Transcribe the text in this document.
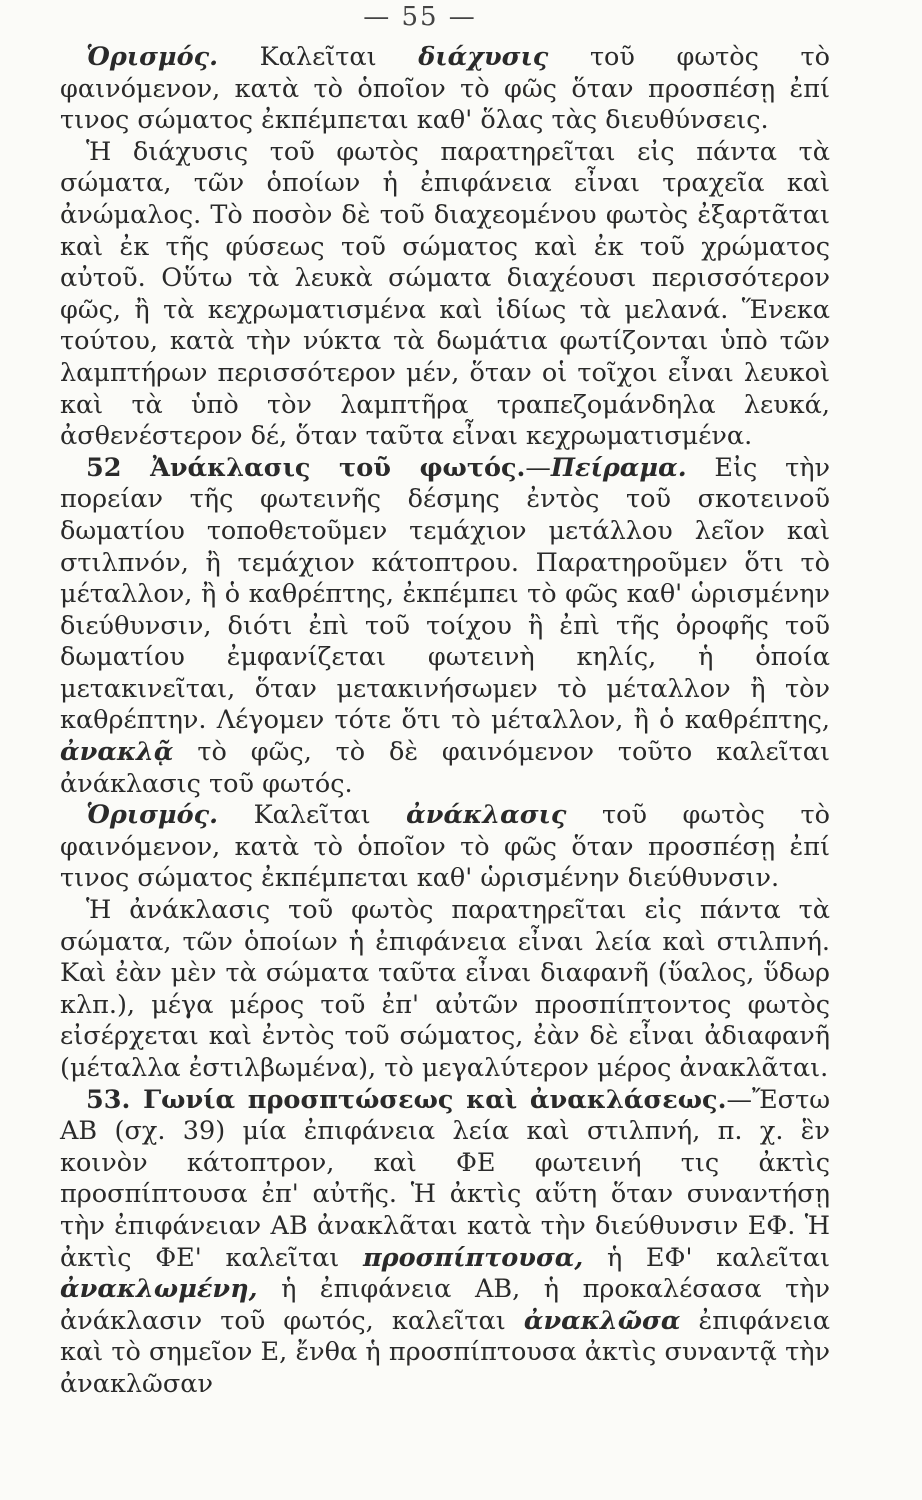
— 55 —

Ὁρισμός. Καλεῖται διάχυσις τοῦ φωτὸς τὸ φαινόμενον, κατὰ τὸ ὁποῖον τὸ φῶς ὅταν προσπέσῃ ἐπί τινος σώματος ἐκπέμπεται καθ' ὅλας τὰς διευθύνσεις.

Ἡ διάχυσις τοῦ φωτὸς παρατηρεῖται εἰς πάντα τὰ σώματα, τῶν ὁποίων ἡ ἐπιφάνεια εἶναι τραχεῖα καὶ ἀνώμαλος. Τὸ ποσὸν δὲ τοῦ διαχεομένου φωτὸς ἐξαρτᾶται καὶ ἐκ τῆς φύσεως τοῦ σώματος καὶ ἐκ τοῦ χρώματος αὐτοῦ. Οὕτω τὰ λευκὰ σώματα διαχέουσι περισσότερον φῶς, ἢ τὰ κεχρωματισμένα καὶ ἰδίως τὰ μελανά. Ἕνεκα τούτου, κατὰ τὴν νύκτα τὰ δωμάτια φωτίζονται ὑπὸ τῶν λαμπτήρων περισσότερον μέν, ὅταν οἱ τοῖχοι εἶναι λευκοὶ καὶ τὰ ὑπὸ τὸν λαμπτῆρα τραπεζομάνδηλα λευκά, ἀσθενέστερον δέ, ὅταν ταῦτα εἶναι κεχρωματισμένα.

52 Ἀνάκλασις τοῦ φωτός.—Πείραμα. Εἰς τὴν πορείαν τῆς φωτεινῆς δέσμης ἐντὸς τοῦ σκοτεινοῦ δωματίου τοποθετοῦμεν τεμάχιον μετάλλου λεῖον καὶ στιλπνόν, ἢ τεμάχιον κάτοπτρου. Παρατηροῦμεν ὅτι τὸ μέταλλον, ἢ ὁ καθρέπτης, ἐκπέμπει τὸ φῶς καθ' ὡρισμένην διεύθυνσιν, διότι ἐπὶ τοῦ τοίχου ἢ ἐπὶ τῆς ὀροφῆς τοῦ δωματίου ἐμφανίζεται φωτεινὴ κηλίς, ἡ ὁποία μετακινεῖται, ὅταν μετακινήσωμεν τὸ μέταλλον ἢ τὸν καθρέπτην. Λέγομεν τότε ὅτι τὸ μέταλλον, ἢ ὁ καθρέπτης, ἀνακλᾷ τὸ φῶς, τὸ δὲ φαινόμενον τοῦτο καλεῖται ἀνάκλασις τοῦ φωτός.

Ὁρισμός. Καλεῖται ἀνάκλασις τοῦ φωτὸς τὸ φαινόμενον, κατὰ τὸ ὁποῖον τὸ φῶς ὅταν προσπέσῃ ἐπί τινος σώματος ἐκπέμπεται καθ' ὡρισμένην διεύθυνσιν.

Ἡ ἀνάκλασις τοῦ φωτὸς παρατηρεῖται εἰς πάντα τὰ σώματα, τῶν ὁποίων ἡ ἐπιφάνεια εἶναι λεία καὶ στιλπνή. Καὶ ἐὰν μὲν τὰ σώματα ταῦτα εἶναι διαφανῆ (ὕαλος, ὕδωρ κλπ.), μέγα μέρος τοῦ ἐπ' αὐτῶν προσπίπτοντος φωτὸς εἰσέρχεται καὶ ἐντὸς τοῦ σώματος, ἐὰν δὲ εἶναι ἀδιαφανῆ (μέταλλα ἐστιλβωμένα), τὸ μεγαλύτερον μέρος ἀνακλᾶται.

53. Γωνία προσπτώσεως καὶ ἀνακλάσεως.—Ἔστω ΑΒ (σχ. 39) μία ἐπιφάνεια λεία καὶ στιλπνή, π. χ. ἓν κοινὸν κάτοπτρον, καὶ ΦΕ φωτεινή τις ἀκτὶς προσπίπτουσα ἐπ' αὐτῆς. Ἡ ἀκτὶς αὕτη ὅταν συναντήσῃ τὴν ἐπιφάνειαν ΑΒ ἀνακλᾶται κατὰ τὴν διεύθυνσιν ΕΦ. Ἡ ἀκτὶς ΦΕ' καλεῖται προσπίπτουσα, ἡ ΕΦ' καλεῖται ἀνακλωμένη, ἡ ἐπιφάνεια ΑΒ, ἡ προκαλέσασα τὴν ἀνάκλασιν τοῦ φωτός, καλεῖται ἀνακλῶσα ἐπιφάνεια καὶ τὸ σημεῖον Ε, ἔνθα ἡ προσπίπτουσα ἀκτὶς συναντᾷ τὴν ἀνακλῶσαν
